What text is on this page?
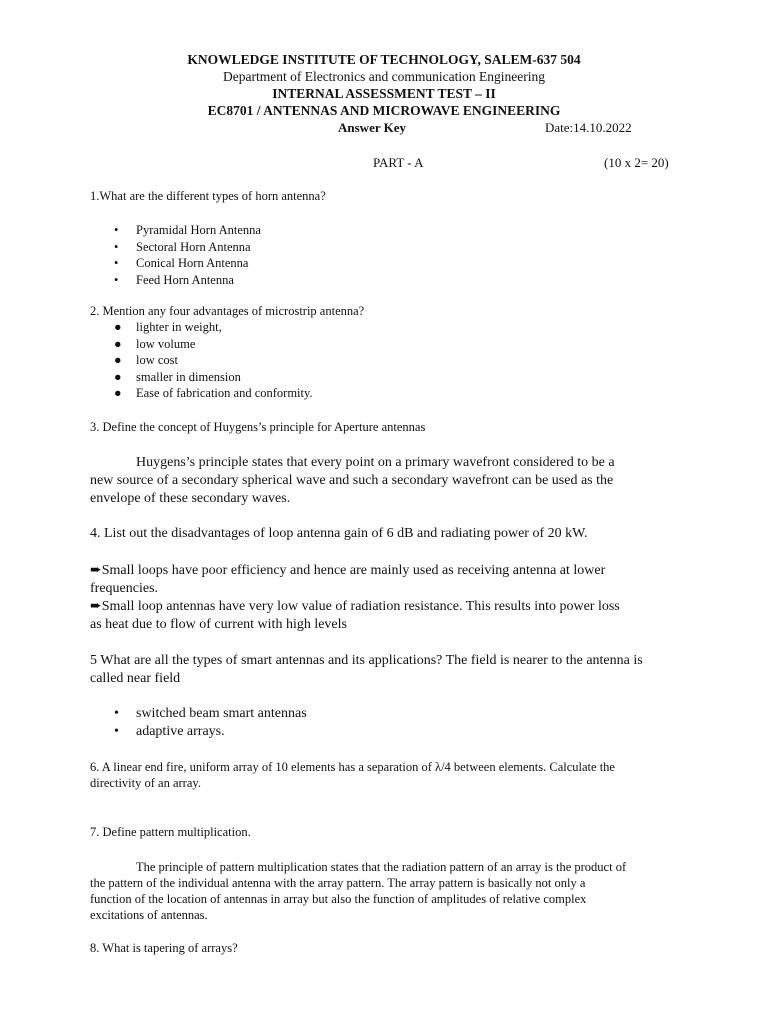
KNOWLEDGE INSTITUTE OF TECHNOLOGY, SALEM-637 504
Department of Electronics and communication Engineering
INTERNAL ASSESSMENT TEST – II
EC8701 / ANTENNAS AND MICROWAVE ENGINEERING
Answer Key	Date:14.10.2022
PART - A	(10 x 2= 20)
1.What are the different types of horn antenna?
• Pyramidal Horn Antenna
• Sectoral Horn Antenna
• Conical Horn Antenna
• Feed Horn Antenna
2. Mention any four advantages of microstrip antenna?
● lighter in weight,
● low volume
● low cost
● smaller in dimension
● Ease of fabrication and conformity.
3. Define the concept of Huygens’s principle for Aperture antennas
Huygens’s principle states that every point on a primary wavefront considered to be a
new source of a secondary spherical wave and such a secondary wavefront can be used as the
envelope of these secondary waves.
4. List out the disadvantages of loop antenna gain of 6 dB and radiating power of 20 kW.
➨Small loops have poor efficiency and hence are mainly used as receiving antenna at lower
frequencies.
➨Small loop antennas have very low value of radiation resistance. This results into power loss
as heat due to flow of current with high levels
5 What are all the types of smart antennas and its applications? The field is nearer to the antenna is
called near field
• switched beam smart antennas
• adaptive arrays.
6. A linear end fire, uniform array of 10 elements has a separation of λ/4 between elements. Calculate the
directivity of an array.
7. Define pattern multiplication.
The principle of pattern multiplication states that the radiation pattern of an array is the product of
the pattern of the individual antenna with the array pattern. The array pattern is basically not only a
function of the location of antennas in array but also the function of amplitudes of relative complex
excitations of antennas.
8. What is tapering of arrays?
